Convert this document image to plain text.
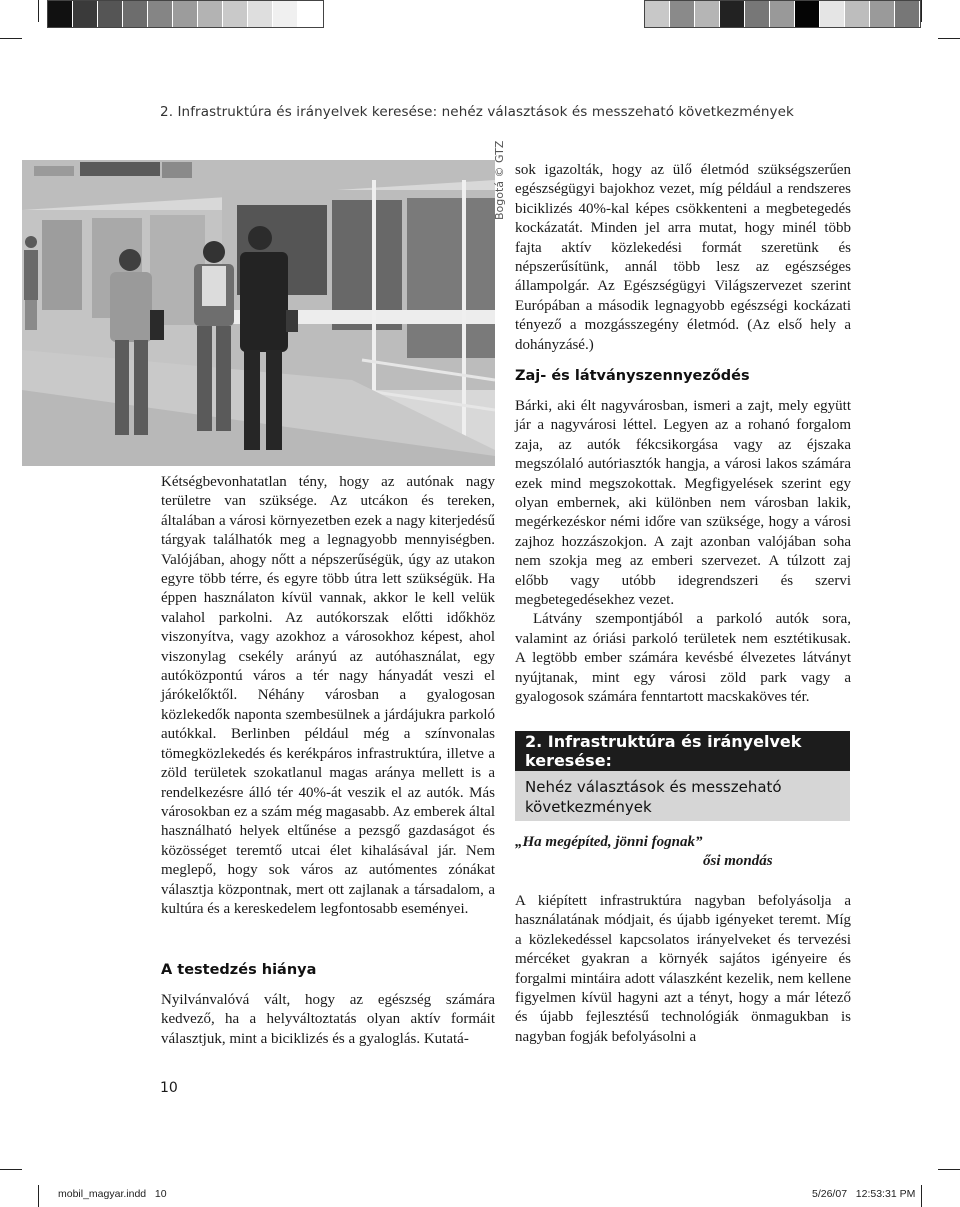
2. Infrastruktúra és irányelvek keresése: nehéz választások és messzeható következmények
Bogotá © GTZ

Kétségbevonhatatlan tény, hogy az autónak nagy területre van szüksége. Az utcákon és tereken, általában a városi környezetben ezek a nagy kiterjedésű tárgyak találhatók meg a legnagyobb mennyiségben. Valójában, ahogy nőtt a népszerűségük, úgy az utakon egyre több térre, és egyre több útra lett szükségük. Ha éppen használaton kívül vannak, akkor le kell velük valahol parkolni. Az autókorszak előtti időkhöz viszonyítva, vagy azokhoz a városokhoz képest, ahol viszonylag csekély arányú az autóhasználat, egy autóközpontú város a tér nagy hányadát veszi el járókelőktől. Néhány városban a gyalogosan közlekedők naponta szembesülnek a járdájukra parkoló autókkal. Berlinben például még a színvonalas tömegközlekedés és kerékpáros infrastruktúra, illetve a zöld területek szokatlanul magas aránya mellett is a rendelkezésre álló tér 40%-át veszik el az autók. Más városokban ez a szám még magasabb. Az emberek által használható helyek eltűnése a pezsgő gazdaságot és közösséget teremtő utcai élet kihalásával jár. Nem meglepő, hogy sok város az autómentes zónákat választja központnak, mert ott zajlanak a társadalom, a kultúra és a kereskedelem legfontosabb eseményei.

A testedzés hiánya

Nyilvánvalóvá vált, hogy az egészség számára kedvező, ha a helyváltoztatás olyan aktív formáit választjuk, mint a biciklizés és a gyaloglás. Kutatá-

sok igazolták, hogy az ülő életmód szükségszerűen egészségügyi bajokhoz vezet, míg például a rendszeres biciklizés 40%-kal képes csökkenteni a megbetegedés kockázatát. Minden jel arra mutat, hogy minél több fajta aktív közlekedési formát szeretünk és népszerűsítünk, annál több lesz az egészséges állampolgár. Az Egészségügyi Világszervezet szerint Európában a második legnagyobb egészségi kockázati tényező a mozgásszegény életmód. (Az első hely a dohányzásé.)

Zaj- és látványszennyeződés

Bárki, aki élt nagyvárosban, ismeri a zajt, mely együtt jár a nagyvárosi léttel. Legyen az a rohanó forgalom zaja, az autók fékcsikorgása vagy az éjszaka megszólaló autóriasztók hangja, a városi lakos számára ezek mind megszokottak. Megfigyelések szerint egy olyan embernek, aki különben nem városban lakik, megérkezéskor némi időre van szüksége, hogy a városi zajhoz hozzászokjon. A zajt azonban valójában soha nem szokja meg az emberi szervezet. A túlzott zaj előbb vagy utóbb idegrendszeri és szervi megbetegedésekhez vezet.

Látvány szempontjából a parkoló autók sora, valamint az óriási parkoló területek nem esztétikusak. A legtöbb ember számára kevésbé élvezetes látványt nyújtanak, mint egy városi zöld park vagy a gyalogosok számára fenntartott macskaköves tér.

2. Infrastruktúra és irányelvek keresése:
Nehéz választások és messzeható következmények
„Ha megépíted, jönni fognak”
ősi mondás

A kiépített infrastruktúra nagyban befolyásolja a használatának módjait, és újabb igényeket teremt. Míg a közlekedéssel kapcsolatos irányelveket és tervezési mércéket gyakran a környék sajátos igényeire és forgalmi mintáira adott válaszként kezelik, nem kellene figyelmen kívül hagyni azt a tényt, hogy a már létező és újabb fejlesztésű technológiák önmagukban is nagyban fogják befolyásolni a

10
mobil_magyar.indd   10	5/26/07   12:53:31 PM
